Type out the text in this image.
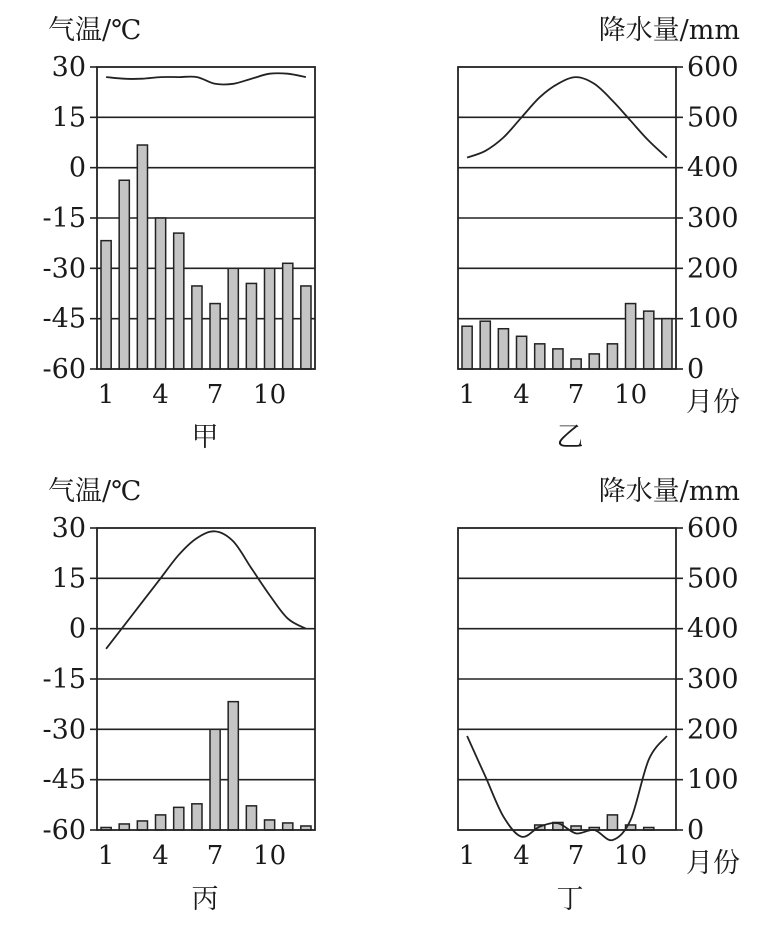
30
15
0
-15
-30
-45
-60
气温/℃
1 4 7 10
甲
600
500
400
300
200
100
0
降水量/mm
月份
1 4 7 10
乙
30
15
0
-15
-30
-45
-60
气温/℃
1 4 7 10
丙
600
500
400
300
200
100
0
降水量/mm
月份
1 4 7 10
丁
